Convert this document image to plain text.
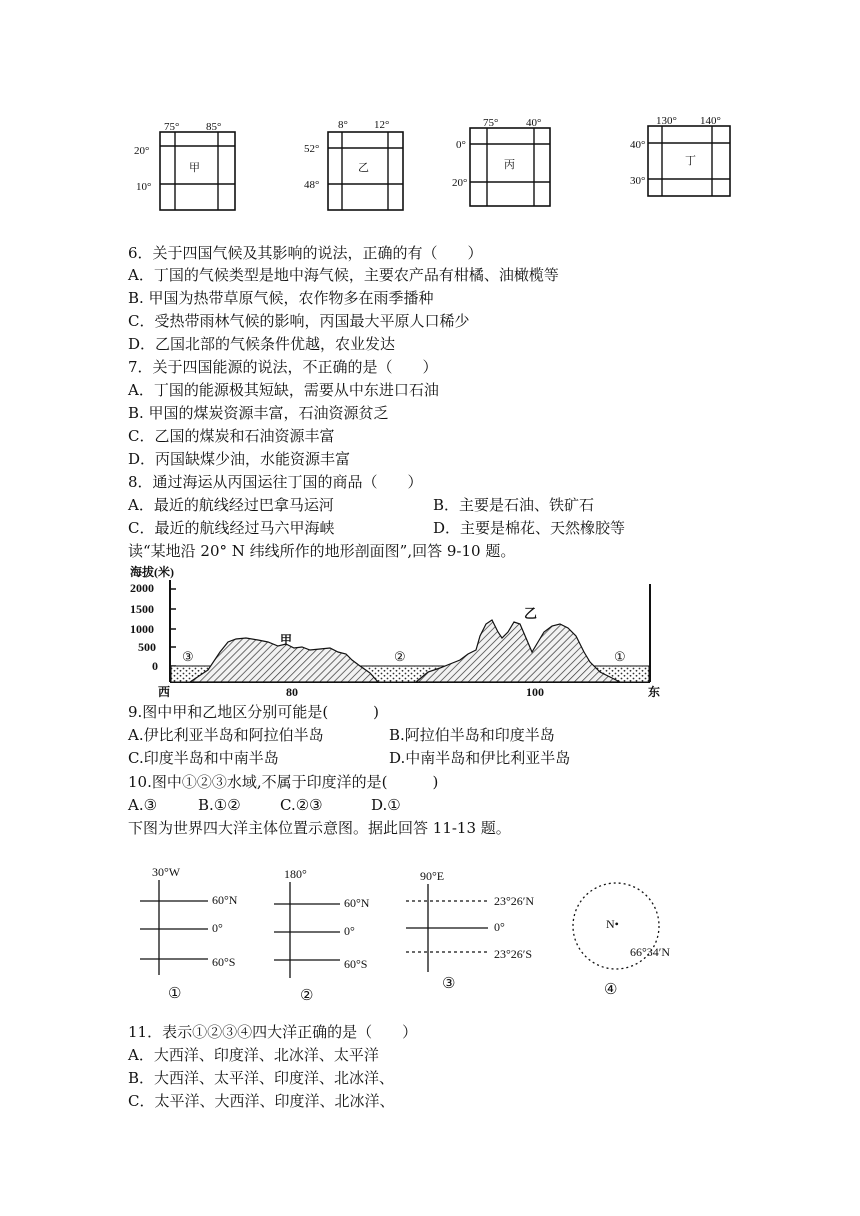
75° 85°
20°
10°
甲
8° 12°
52°
48°
乙
75°	40°
0°
20°
丙
130° 140°
40°
30°
丁
6．关于四国气候及其影响的说法，正确的有（　　）
A．丁国的气候类型是地中海气候，主要农产品有柑橘、油橄榄等
B. 甲国为热带草原气候，农作物多在雨季播种
C．受热带雨林气候的影响，丙国最大平原人口稀少
D．乙国北部的气候条件优越，农业发达
7．关于四国能源的说法，不正确的是（　　）
A．丁国的能源极其短缺，需要从中东进口石油
B. 甲国的煤炭资源丰富，石油资源贫乏
C．乙国的煤炭和石油资源丰富
D．丙国缺煤少油，水能资源丰富
8．通过海运从丙国运往丁国的商品（　　）
A．最近的航线经过巴拿马运河	B．主要是石油、铁矿石
C．最近的航线经过马六甲海峡	D．主要是棉花、天然橡胶等
读“某地沿 20° N 纬线所作的地形剖面图”,回答 9-10 题。
海拔(米)
2000
1500
1000
500
0
甲
乙
③	②	①
西	80	100	东
9.图中甲和乙地区分别可能是(　　　)
A.伊比利亚半岛和阿拉伯半岛	B.阿拉伯半岛和印度半岛
C.印度半岛和中南半岛	D.中南半岛和伊比利亚半岛
10.图中①②③水域,不属于印度洋的是(　　　)
A.③	B.①②	C.②③	D.①
下图为世界四大洋主体位置示意图。据此回答 11-13 题。
30°W
60°N
0°
60°S
①
180°
60°N
0°
60°S
②
90°E
23°26′N
0°
23°26′S
③
N•
66°34′N
④
11．表示①②③④四大洋正确的是（　　）
A．大西洋、印度洋、北冰洋、太平洋
B．大西洋、太平洋、印度洋、北冰洋、
C．太平洋、大西洋、印度洋、北冰洋、
